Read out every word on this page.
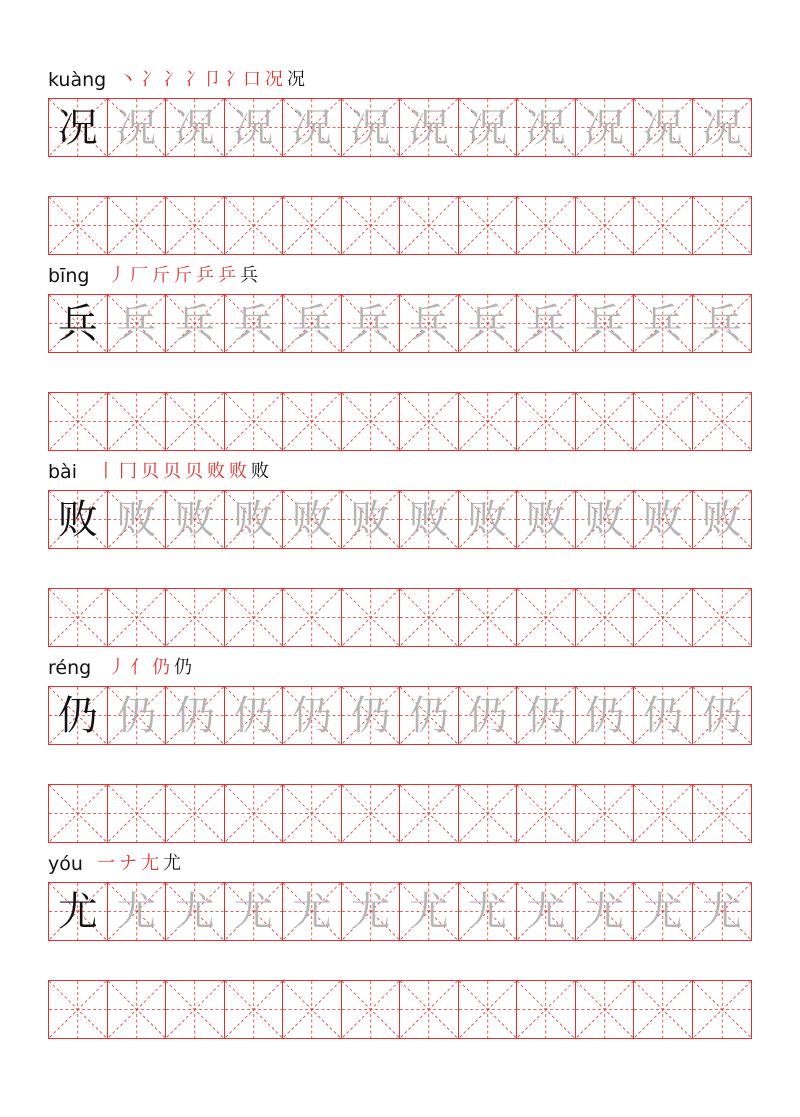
kuàng 丶 冫 冫 冫卩 冫口 况 况
况 况 况 况 况 况 况 况 况 况 况 况
bīng 丿 厂 斤 斤 乒 乒 兵
兵 兵 兵 兵 兵 兵 兵 兵 兵 兵 兵 兵
bài 丨 冂 贝 贝 贝 败 败 败
败 败 败 败 败 败 败 败 败 败 败 败
réng 丿 亻 仍 仍
仍 仍 仍 仍 仍 仍 仍 仍 仍 仍 仍 仍
yóu 一 ナ 尢 尤
尤 尤 尤 尤 尤 尤 尤 尤 尤 尤 尤 尤
